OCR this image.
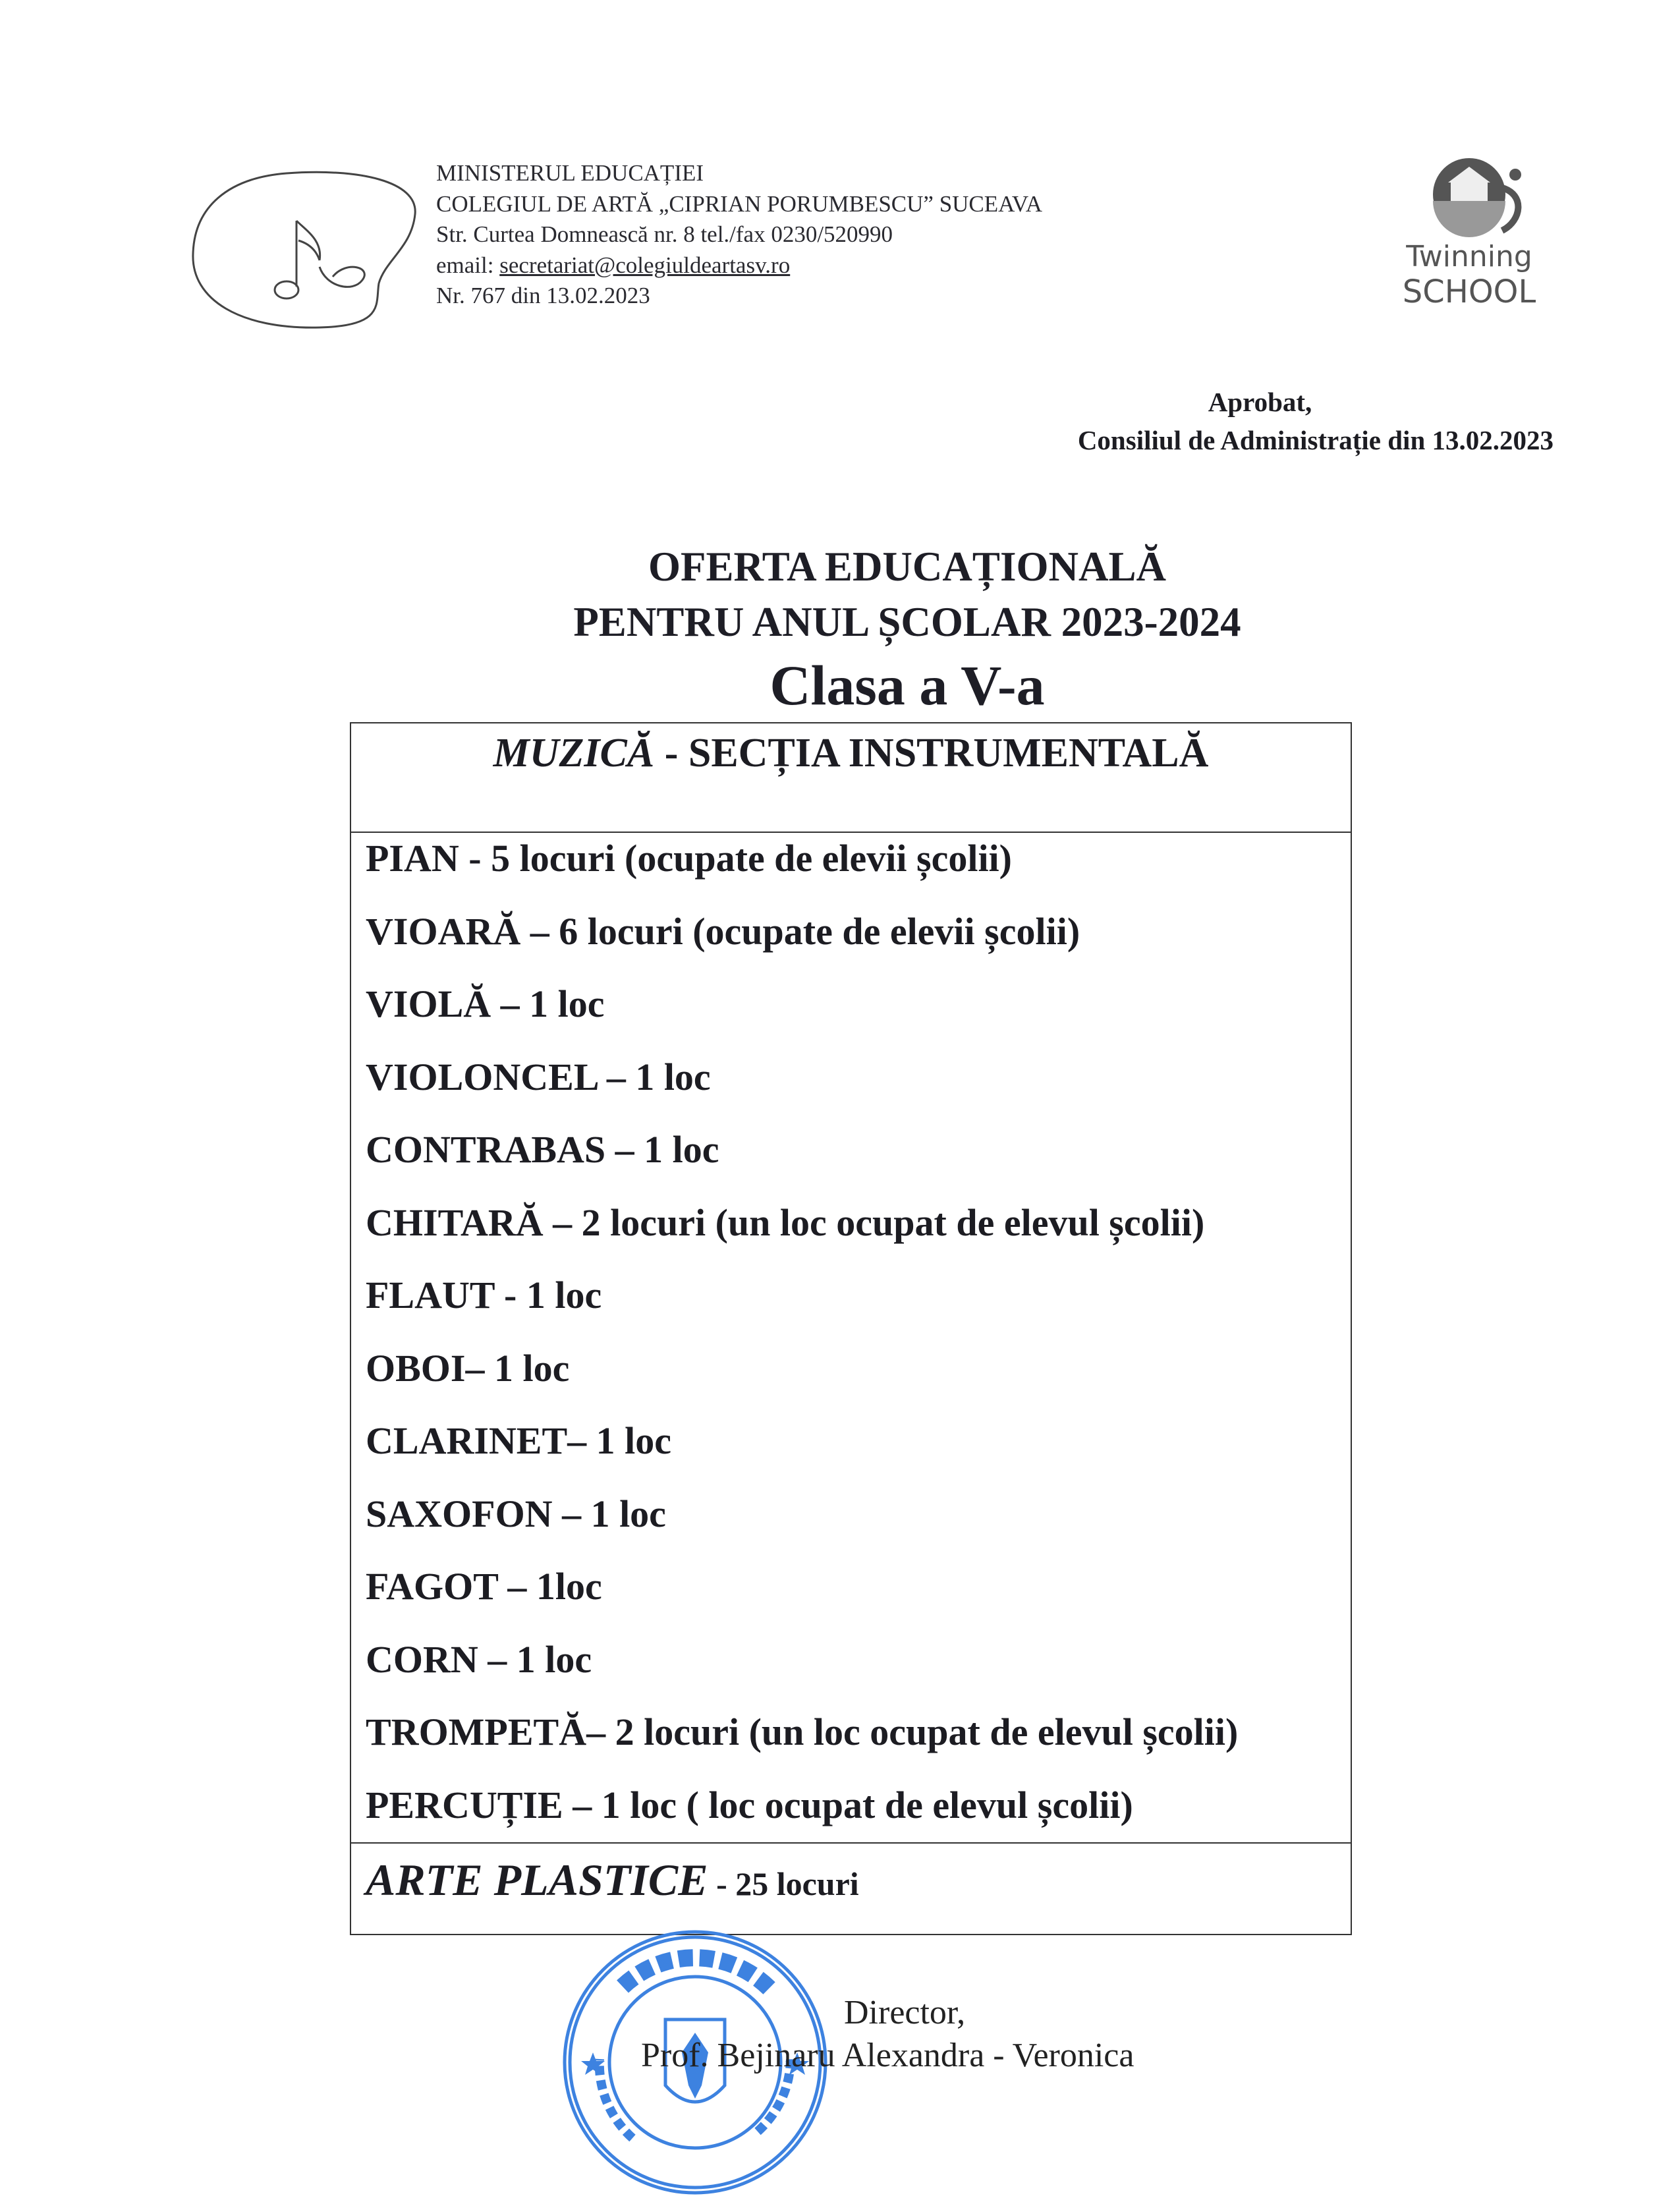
MINISTERUL EDUCAȚIEI
COLEGIUL DE ARTĂ „CIPRIAN PORUMBESCU” SUCEAVA
Str. Curtea Domnească nr. 8 tel./fax 0230/520990
email: secretariat@colegiuldeartasv.ro
Nr. 767 din 13.02.2023
Twinning
SCHOOL
Aprobat,
Consiliul de Administrație din 13.02.2023
OFERTA EDUCAȚIONALĂ
PENTRU ANUL ȘCOLAR 2023-2024
Clasa a V-a
MUZICĂ - SECȚIA INSTRUMENTALĂ
PIAN - 5 locuri (ocupate de elevii școlii)
VIOARĂ – 6 locuri (ocupate de elevii școlii)
VIOLĂ – 1 loc
VIOLONCEL – 1 loc
CONTRABAS – 1 loc
CHITARĂ – 2 locuri (un loc ocupat de elevul școlii)
FLAUT - 1 loc
OBOI– 1 loc
CLARINET– 1 loc
SAXOFON – 1 loc
FAGOT – 1loc
CORN – 1 loc
TROMPETĂ– 2 locuri (un loc ocupat de elevul școlii)
PERCUȚIE – 1 loc ( loc ocupat de elevul școlii)
ARTE PLASTICE - 25 locuri
Director,
Prof. Bejinaru Alexandra - Veronica
